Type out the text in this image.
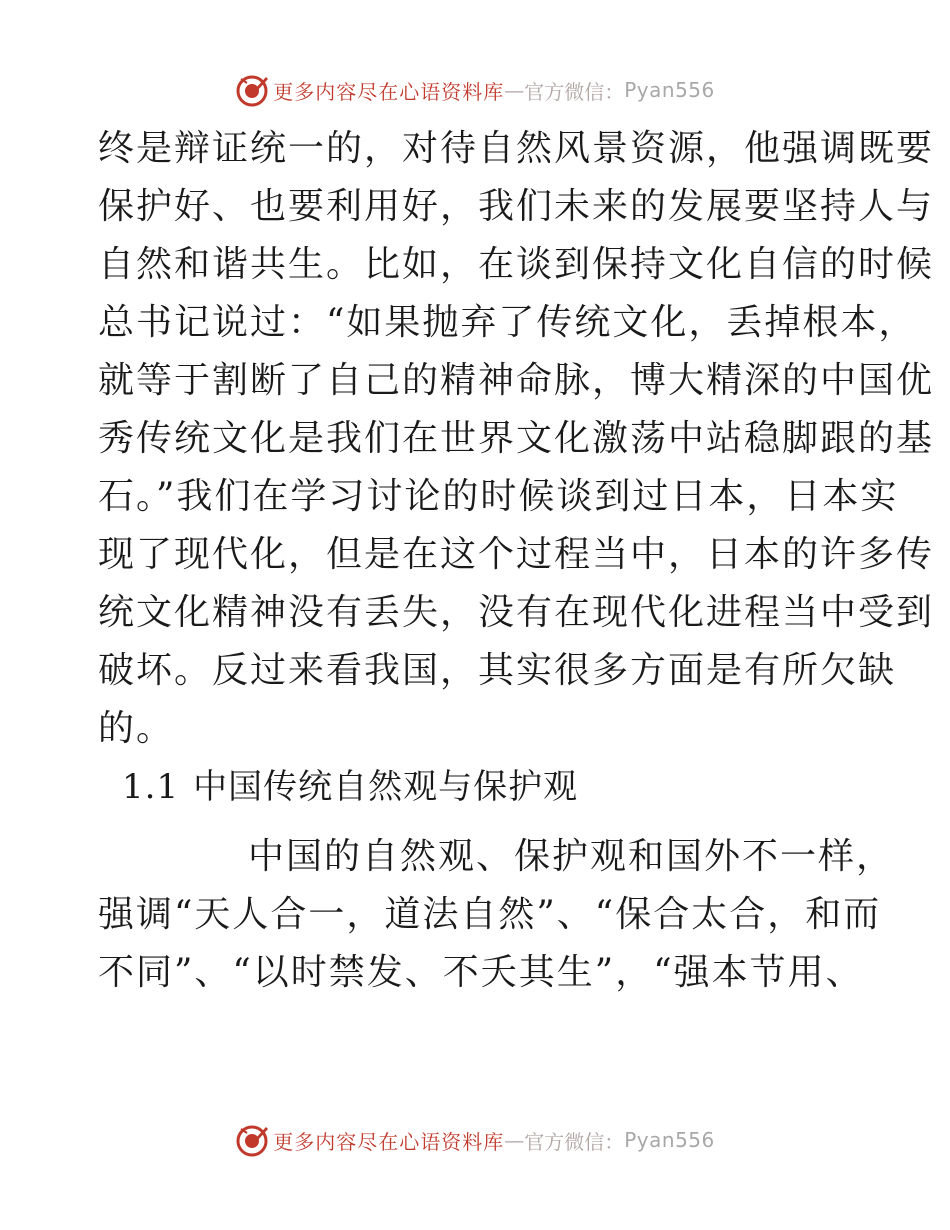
更多内容尽在心语资料库 — 官方微信： Pyan556
终是辩证统一的，对待自然风景资源，他强调既要
保护好、也要利用好，我们未来的发展要坚持人与
自然和谐共生。比如，在谈到保持文化自信的时候
总书记说过：“如果抛弃了传统文化，丢掉根本，
就等于割断了自己的精神命脉，博大精深的中国优
秀传统文化是我们在世界文化激荡中站稳脚跟的基
石。”我们在学习讨论的时候谈到过日本，日本实
现了现代化，但是在这个过程当中，日本的许多传
统文化精神没有丢失，没有在现代化进程当中受到
破坏。反过来看我国，其实很多方面是有所欠缺
的。
1.1 中国传统自然观与保护观
中国的自然观、保护观和国外不一样，
强调“天人合一，道法自然”、“保合太合，和而
不同”、“以时禁发、不夭其生”，“强本节用、
更多内容尽在心语资料库 — 官方微信： Pyan556
